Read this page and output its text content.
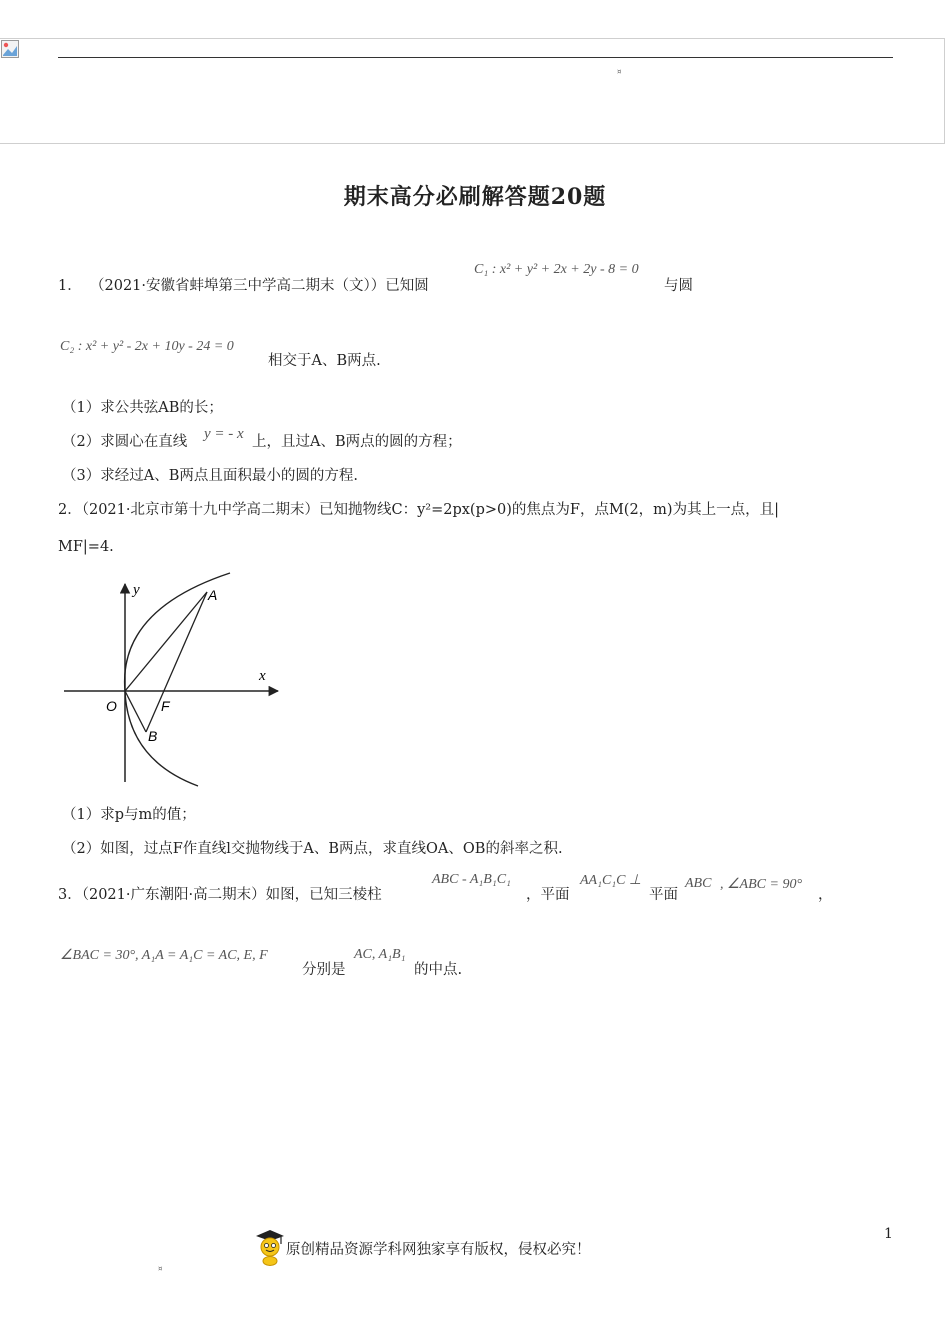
¤
期末高分必刷解答题20题
1． （2021·安徽省蚌埠第三中学高二期末（文））已知圆
C₁ : x² + y² + 2x + 2y - 8 = 0
与圆
C₂ : x² + y² - 2x + 10y - 24 = 0
相交于A、B两点.
（1）求公共弦AB的长；
（2）求圆心在直线 y = - x 上，且过A、B两点的圆的方程；
（3）求经过A、B两点且面积最小的圆的方程.
2．（2021·北京市第十九中学高二期末）已知抛物线C：y²=2px(p>0)的焦点为F，点M(2，m)为其上一点，且|
MF|=4.
y
x
A
O	F
B
（1）求p与m的值；
（2）如图，过点F作直线l交抛物线于A、B两点，求直线OA、OB的斜率之积.
3．（2021·广东潮阳·高二期末）如图，已知三棱柱
ABC - A₁B₁C₁
，平面
AA₁C₁C ⊥
平面
ABC , ∠ABC = 90°
，
∠BAC = 30°, A₁A = A₁C = AC, E, F
分别是
AC, A₁B₁
的中点.
1
原创精品资源学科网独家享有版权，侵权必究！
¤
